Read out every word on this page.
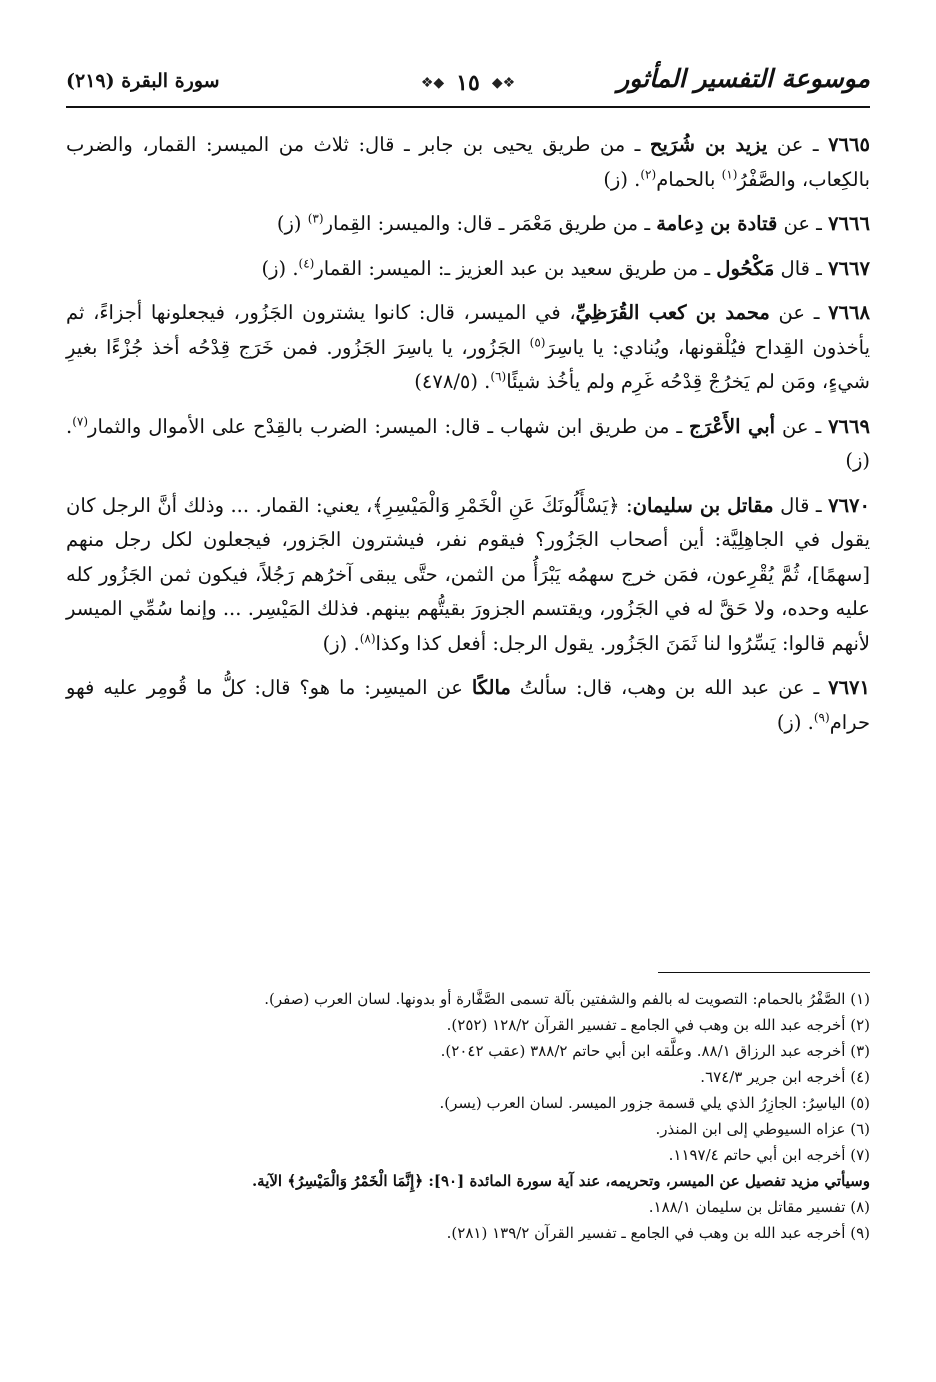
موسوعة التفسير المأثور
❖◆
١٥
◆❖
سورة البقرة (٢١٩)

٧٦٦٥ ـ عن يزيد بن شُرَيح ـ من طريق يحيى بن جابر ـ قال: ثلاث من الميسر: القمار، والضرب بالكِعاب، والصَّفْرُ$^{(١)}$ بالحمام$^{(٢)}$. (ز)

٧٦٦٦ ـ عن قتادة بن دِعامة ـ من طريق مَعْمَر ـ قال: والميسر: القِمار$^{(٣)}$ (ز)

٧٦٦٧ ـ قال مَكْحُول ـ من طريق سعيد بن عبد العزيز ـ: الميسر: القمار$^{(٤)}$. (ز)

٧٦٦٨ ـ عن محمد بن كعب القُرَظِيِّ، في الميسر، قال: كانوا يشترون الجَزُور، فيجعلونها أجزاءً، ثم يأخذون القِداح فيُلْقونها، ويُنادي: يا ياسِرَ$^{(٥)}$ الجَزُور، يا ياسِرَ الجَزُور. فمن خَرَج قِدْحُه أخذ جُزْءًا بغيرِ شيءٍ، ومَن لم يَخرُجْ قِدْحُه غَرِم ولم يأخُذ شيئًا$^{(٦)}$. (٤٧٨/٥)

٧٦٦٩ ـ عن أبي الأَعْرَج ـ من طريق ابن شهاب ـ قال: الميسر: الضرب بالقِدْح على الأموال والثمار$^{(٧)}$. (ز)

٧٦٧٠ ـ قال مقاتل بن سليمان: ﴿يَسْأَلُونَكَ عَنِ الْخَمْرِ وَالْمَيْسِرِ﴾، يعني: القمار. ... وذلك أنَّ الرجل كان يقول في الجاهِلِيَّة: أين أصحاب الجَزُور؟ فيقوم نفر، فيشترون الجَزور، فيجعلون لكل رجل منهم [سهمًا]، ثُمَّ يُقْرِعون، فمَن خرج سهمُه يَبْرَأُ من الثمن، حتَّى يبقى آخرُهم رَجُلاً، فيكون ثمن الجَزُور كله عليه وحده، ولا حَقَّ له في الجَزُور، ويقتسم الجزورَ بقيتُّهم بينهم. فذلك المَيْسِر. ... وإنما سُمِّي الميسر لأنهم قالوا: يَسِّرُوا لنا ثَمَنَ الجَزُور. يقول الرجل: أفعل كذا وكذا$^{(٨)}$. (ز)

٧٦٧١ ـ عن عبد الله بن وهب، قال: سألتُ مالكًا عن الميسِر: ما هو؟ قال: كلُّ ما قُومِر عليه فهو حرام$^{(٩)}$. (ز)

(١) الصَّفْرُ بالحمام: التصويت له بالفم والشفتين بآلة تسمى الصَّفَّارة أو بدونها. لسان العرب (صفر).

(٢) أخرجه عبد الله بن وهب في الجامع ـ تفسير القرآن ١٢٨/٢ (٢٥٢).

(٣) أخرجه عبد الرزاق ٨٨/١. وعلَّقه ابن أبي حاتم ٣٨٨/٢ (عقب ٢٠٤٢).

(٤) أخرجه ابن جرير ٦٧٤/٣.

(٥) الياسِرُ: الجازِرُ الذي يلي قسمة جزور الميسر. لسان العرب (يسر).

(٦) عزاه السيوطي إلى ابن المنذر.

(٧) أخرجه ابن أبي حاتم ١١٩٧/٤.

وسيأتي مزيد تفصيل عن الميسر، وتحريمه، عند آية سورة المائدة [٩٠]: ﴿إِنَّمَا الْخَمْرُ وَالْمَيْسِرُ﴾ الآية.

(٨) تفسير مقاتل بن سليمان ١٨٨/١.

(٩) أخرجه عبد الله بن وهب في الجامع ـ تفسير القرآن ١٣٩/٢ (٢٨١).
